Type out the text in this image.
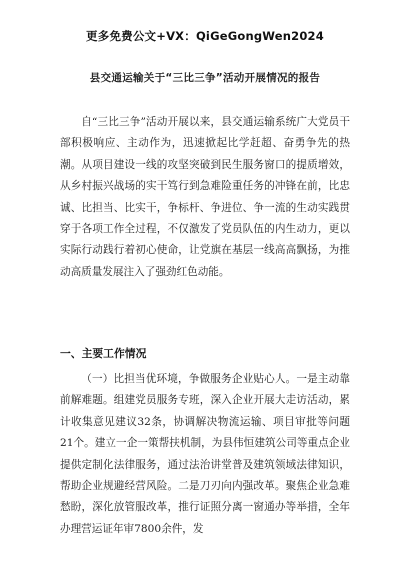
更多免费公文+VX：QiGeGongWen2024
县交通运输关于“三比三争”活动开展情况的报告

自“三比三争”活动开展以来，县交通运输系统广大党员干部积极响应、主动作为，迅速掀起比学赶超、奋勇争先的热潮。从项目建设一线的攻坚突破到民生服务窗口的提质增效，从乡村振兴战场的实干笃行到急难险重任务的冲锋在前，比忠诚、比担当、比实干，争标杆、争进位、争一流的生动实践贯穿于各项工作全过程，不仅激发了党员队伍的内生动力，更以实际行动践行着初心使命，让党旗在基层一线高高飘扬，为推动高质量发展注入了强劲红色动能。

一、主要工作情况

（一）比担当优环境，争做服务企业贴心人。一是主动靠前解难题。组建党员服务专班，深入企业开展大走访活动，累计收集意见建议32条，协调解决物流运输、项目审批等问题21个。建立一企一策帮扶机制，为县伟恒建筑公司等重点企业提供定制化法律服务，通过法治讲堂普及建筑领域法律知识，帮助企业规避经营风险。二是刀刃向内强改革。聚焦企业急难愁盼，深化放管服改革，推行证照分离一窗通办等举措，全年办理营运证年审7800余件，发
